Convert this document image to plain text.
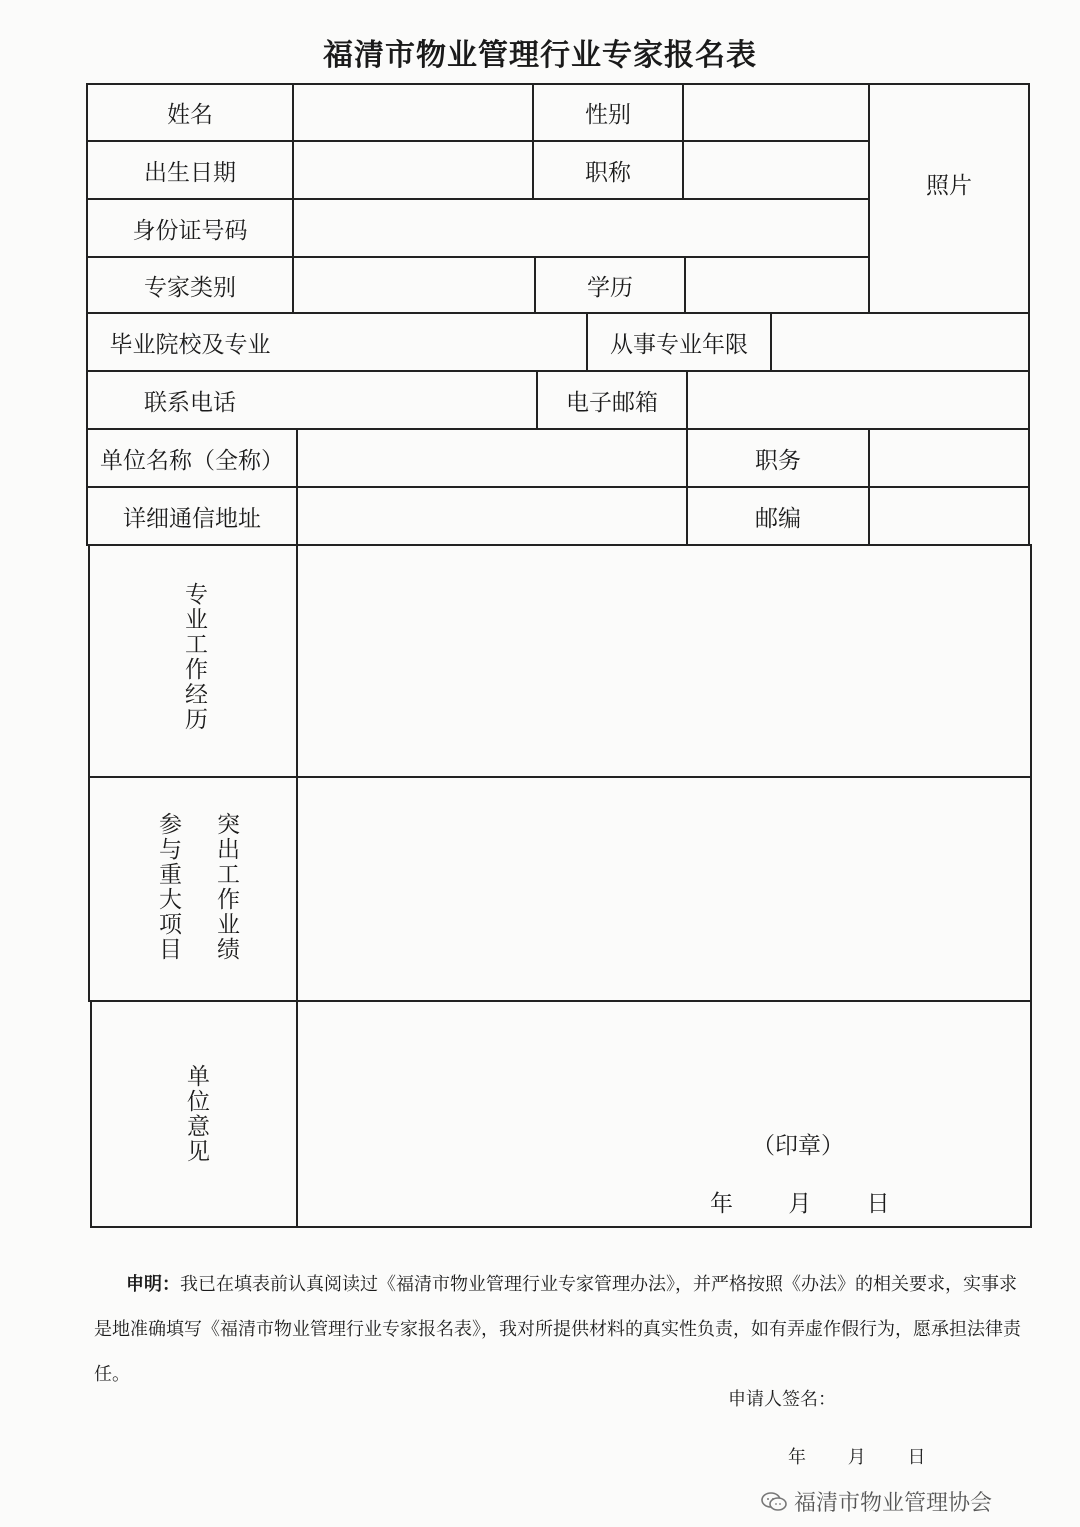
福清市物业管理行业专家报名表
姓名	性别
照片
出生日期	职称
身份证号码
专家类别	学历
毕业院校及专业	从事专业年限
联系电话	电子邮箱
单位名称（全称）	职务
详细通信地址	邮编
专业工作经历
参与重大项目 突出工作业绩
单位意见	（印章）
年 月 日
申明：我已在填表前认真阅读过《福清市物业管理行业专家管理办法》，并严格按照《办法》的相关要求，实事求是地准确填写《福清市物业管理行业专家报名表》，我对所提供材料的真实性负责，如有弄虚作假行为，愿承担法律责任。
申请人签名：
年 月 日
福清市物业管理协会
